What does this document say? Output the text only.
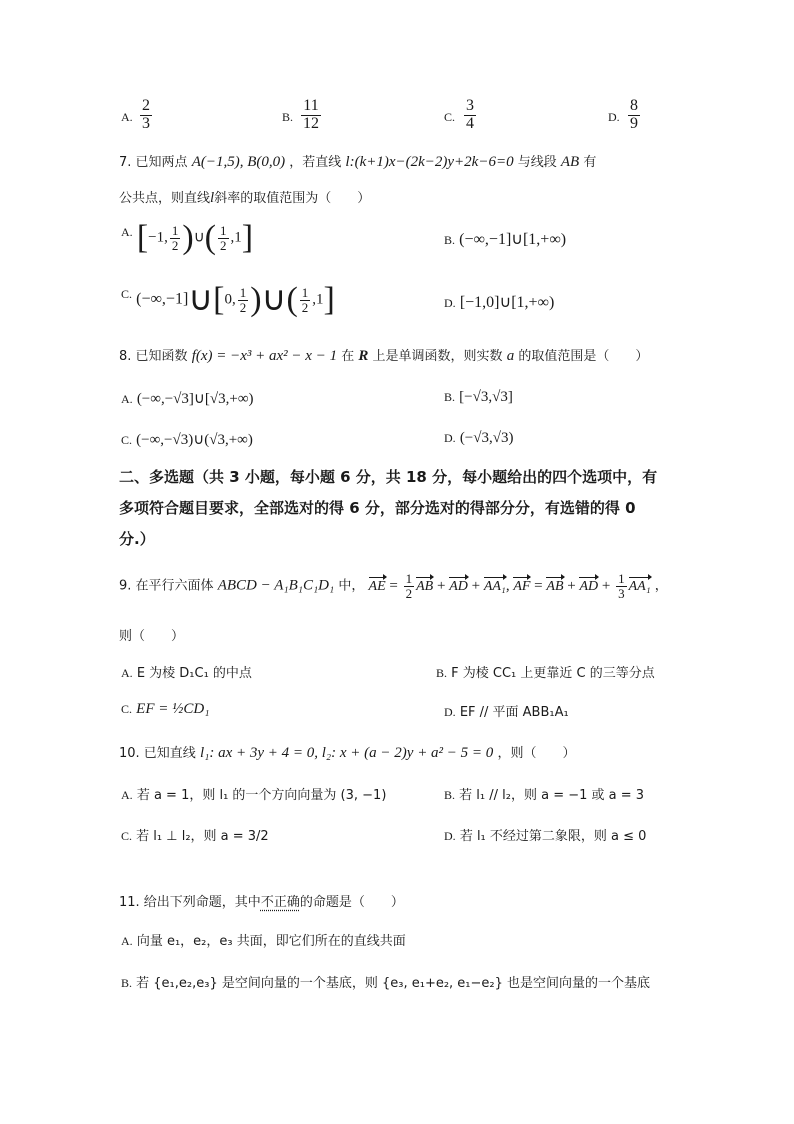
A. $\frac{2}{3}$	B. $\frac{11}{12}$	C. $\frac{3}{4}$	D. $\frac{8}{9}$
7. 已知两点 A(−1,5), B(0,0) ，若直线 l:(k+1)x−(2k−2)y+2k−6=0 与线段 AB 有
公共点，则直线l斜率的取值范围为（　　）
A. [−1, $\frac{1}{2}$ )∪( $\frac{1}{2} ,1$]	B. (−∞,−1]∪[1,+∞)
C. (−∞,−1]∪[0, $\frac{1}{2}$ )∪( $\frac{1}{2} ,1$]	D. [−1,0]∪[1,+∞)
8. 已知函数 f(x) = −x³ + ax² − x − 1 在 R 上是单调函数，则实数 a 的取值范围是（　　）
A. (−∞,−√3]∪[√3,+∞)	B. [−√3,√3]
C. (−∞,−√3)∪(√3,+∞)	D. (−√3,√3)
二、多选题（共 3 小题，每小题 6 分，共 18 分，每小题给出的四个选项中，有
多项符合题目要求，全部选对的得 6 分，部分选对的得部分分，有选错的得 0
分.）
9. 在平行六面体 ABCD − A₁B₁C₁D₁ 中， AE = $\frac{1}{2}$ AB + AD + AA₁, AF = AB + AD + $\frac{1}{3} AA_1$ ，
则（　　）
A. E 为棱 D₁C₁ 的中点	B. F 为棱 CC₁ 上更靠近 C 的三等分点
C. EF = ½CD₁	D. EF // 平面 ABB₁A₁
10. 已知直线 l₁: ax + 3y + 4 = 0, l₂: x + (a − 2)y + a² − 5 = 0 ，则（　　）
A. 若 a = 1，则 l₁ 的一个方向向量为 (3, −1)	B. 若 l₁ // l₂，则 a = −1 或 a = 3
C. 若 l₁ ⊥ l₂，则 a = 3/2	D. 若 l₁ 不经过第二象限，则 a ≤ 0
11. 给出下列命题，其中不正确的命题是（　　）
A. 向量 e₁，e₂，e₃ 共面，即它们所在的直线共面
B. 若 {e₁,e₂,e₃} 是空间向量的一个基底，则 {e₃, e₁+e₂, e₁−e₂} 也是空间向量的一个基底
